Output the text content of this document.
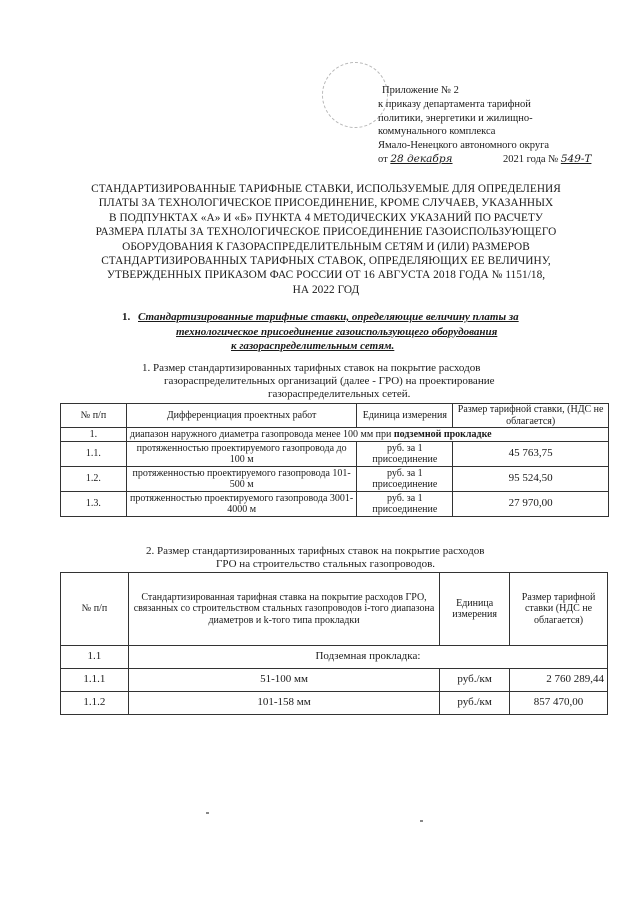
Приложение № 2
к приказу департамента тарифной
политики, энергетики и жилищно-
коммунального комплекса
Ямало-Ненецкого автономного округа
от 28 декабря	2021 года № 549-Т
СТАНДАРТИЗИРОВАННЫЕ ТАРИФНЫЕ СТАВКИ, ИСПОЛЬЗУЕМЫЕ ДЛЯ ОПРЕДЕЛЕНИЯ
ПЛАТЫ ЗА ТЕХНОЛОГИЧЕСКОЕ ПРИСОЕДИНЕНИЕ, КРОМЕ СЛУЧАЕВ, УКАЗАННЫХ
В ПОДПУНКТАХ «А» И «Б» ПУНКТА 4 МЕТОДИЧЕСКИХ УКАЗАНИЙ ПО РАСЧЕТУ
РАЗМЕРА ПЛАТЫ ЗА ТЕХНОЛОГИЧЕСКОЕ ПРИСОЕДИНЕНИЕ ГАЗОИСПОЛЬЗУЮЩЕГО
ОБОРУДОВАНИЯ К ГАЗОРАСПРЕДЕЛИТЕЛЬНЫМ СЕТЯМ И (ИЛИ) РАЗМЕРОВ
СТАНДАРТИЗИРОВАННЫХ ТАРИФНЫХ СТАВОК, ОПРЕДЕЛЯЮЩИХ ЕЕ ВЕЛИЧИНУ,
УТВЕРЖДЕННЫХ ПРИКАЗОМ ФАС РОССИИ ОТ 16 АВГУСТА 2018 ГОДА № 1151/18,
НА 2022 ГОД
1. Стандартизированные тарифные ставки, определяющие величину платы за
технологическое присоединение газоиспользующего оборудования
к газораспределительным сетям.
1. Размер стандартизированных тарифных ставок на покрытие расходов
газораспределительных организаций (далее - ГРО) на проектирование
газораспределительных сетей.
№ п/п	Дифференциация проектных работ	Единица измерения	Размер тарифной ставки, (НДС не облагается)
1.	диапазон наружного диаметра газопровода менее 100 мм при подземной прокладке		
1.1.	протяженностью проектируемого газопровода до 100 м	руб. за 1 присоединение	45 763,75
1.2.	протяженностью проектируемого газопровода 101-500 м	руб. за 1 присоединение	95 524,50
1.3.	протяженностью проектируемого газопровода 3001-4000 м	руб. за 1 присоединение	27 970,00
2. Размер стандартизированных тарифных ставок на покрытие расходов
ГРО на строительство стальных газопроводов.
№ п/п	Стандартизированная тарифная ставка на покрытие расходов ГРО, связанных со строительством стальных газопроводов i-того диапазона диаметров и k-того типа прокладки	Единица измерения	Размер тарифной ставки (НДС не облагается)
1.1	Подземная прокладка:		
1.1.1	51-100 мм	руб./км	2 760 289,44
1.1.2	101-158 мм	руб./км	857 470,00
